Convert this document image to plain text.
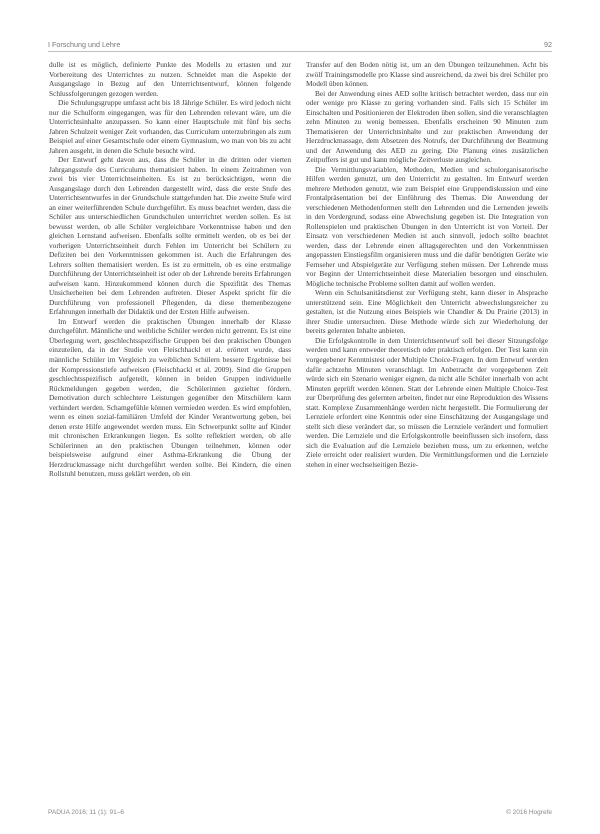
I Forschung und Lehre	92

dulle ist es möglich, definierte Punkte des Modells zu ertasten und zur Vorbereitung des Unterrichtes zu nutzen. Schneidet man die Aspekte der Ausgangslage in Bezug auf den Unterrichtsentwurf, können folgende Schlussfolgerungen gezogen werden.

Die Schulungsgruppe umfasst acht bis 18 Jährige Schüler. Es wird jedoch nicht nur die Schulform eingegangen, was für den Lehrenden relevant wäre, um die Unterrichtsinhalte anzupassen. So kann einer Hauptschule mit fünf bis sechs Jahren Schulzeit weniger Zeit vorhanden, das Curriculum unterzubringen als zum Beispiel auf einer Gesamtschule oder einem Gymnasium, wo man von bis zu acht Jahren ausgeht, in denen die Schule besucht wird.

Der Entwurf geht davon aus, dass die Schüler in die dritten oder vierten Jahrgangsstufe des Curriculums thematisiert haben. In einem Zeitrahmen von zwei bis vier Unterrichtseinheiten. Es ist zu berücksichtigen, wenn die Ausgangslage durch den Lehrenden dargestellt wird, dass die erste Stufe des Unterrichtsentwurfes in der Grundschule stattgefunden hat. Die zweite Stufe wird an einer weiterführenden Schule durchgeführt. Es muss beachtet werden, dass die Schüler aus unterschiedlichen Grundschulen unterrichtet werden sollen. Es ist bewusst werden, ob alle Schüler vergleichbare Vorkenntnisse haben und den gleichen Lernstand aufweisen. Ebenfalls sollte ermittelt werden, ob es bei der vorherigen Unterrichtseinheit durch Fehlen im Unterricht bei Schülern zu Defiziten bei den Vorkenntnissen gekommen ist. Auch die Erfahrungen des Lehrers sollten thematisiert werden. Es ist zu ermitteln, ob es eine erstmalige Durchführung der Unterrichtseinheit ist oder ob der Lehrende bereits Erfahrungen aufweisen kann. Hinzukommend können durch die Spezifität des Themas Unsicherheiten bei dem Lehrenden auftreten. Dieser Aspekt spricht für die Durchführung von professionell Pflegenden, da diese themenbezogene Erfahrungen innerhalb der Didaktik und der Ersten Hilfe aufweisen.

Im Entwurf werden die praktischen Übungen innerhalb der Klasse durchgeführt. Männliche und weibliche Schüler werden nicht getrennt. Es ist eine Überlegung wert, geschlechtsspezifische Gruppen bei den praktischen Übungen einzuteilen, da in der Studie von Fleischhackl et al. erörtert wurde, dass männliche Schüler im Vergleich zu weiblichen Schülern bessere Ergebnisse bei der Kompressionstiefe aufweisen (Fleischhackl et al. 2009). Sind die Gruppen geschlechtsspezifisch aufgeteilt, können in beiden Gruppen individuelle Rückmeldungen gegeben werden, die Schülerinnen gezielter fördern. Demotivation durch schlechtere Leistungen gegenüber den Mitschülern kann verhindert werden. Schamgefühle können vermieden werden. Es wird empfohlen, wenn es einen sozial-familiären Umfeld der Kinder Verantwortung geben, bei denen erste Hilfe angewendet werden muss. Ein Schwerpunkt sollte auf Kinder mit chronischen Erkrankungen liegen. Es sollte reflektiert werden, ob alle Schülerinnen an den praktischen Übungen teilnehmen, können oder beispielsweise aufgrund einer Asthma-Erkrankung die Übung der Herzdruckmassage nicht durchgeführt werden sollte. Bei Kindern, die einen Rollstuhl benutzen, muss geklärt werden, ob ein

Transfer auf den Boden nötig ist, um an den Übungen teilzunehmen. Acht bis zwölf Trainingsmodelle pro Klasse sind ausreichend, da zwei bis drei Schüler pro Modell üben können.

Bei der Anwendung eines AED sollte kritisch betrachtet werden, dass nur ein oder wenige pro Klasse zu gering vorhanden sind. Falls sich 15 Schüler im Einschalten und Positionieren der Elektroden üben sollen, sind die veranschlagten zehn Minuten zu wenig bemessen. Ebenfalls erscheinen 90 Minuten zum Thematisieren der Unterrichtsinhalte und zur praktischen Anwendung der Herzdruckmassage, dem Absetzen des Notrufs, der Durchführung der Beatmung und der Anwendung des AED zu gering. Die Planung eines zusätzlichen Zeitpuffers ist gut und kann mögliche Zeitverluste ausgleichen.

Die Vermittlungsvariablen, Methoden, Medien und schulorganisatorische Hilfen werden genutzt, um den Unterricht zu gestalten. Im Entwurf werden mehrere Methoden genutzt, wie zum Beispiel eine Gruppendiskussion und eine Frontalpräsentation bei der Einführung des Themas. Die Anwendung der verschiedenen Methodenformen stellt den Lehrenden und die Lernenden jeweils in den Vordergrund, sodass eine Abwechslung gegeben ist. Die Integration von Rollenspielen und praktischen Übungen in den Unterricht ist von Vorteil. Der Einsatz von verschiedenen Medien ist auch sinnvoll, jedoch sollte beachtet werden, dass der Lehrende einen alltagsgerechten und den Vorkenntnissen angepassten Einstiegsfilm organisieren muss und die dafür benötigten Geräte wie Fernseher und Abspielgeräte zur Verfügung stehen müssen. Der Lehrende muss vor Beginn der Unterrichtseinheit diese Materialien besorgen und einschulen. Mögliche technische Probleme sollten damit auf wollen werden.

Wenn ein Schulsanitätsdienst zur Verfügung steht, kann dieser in Absprache unterstützend sein. Eine Möglichkeit den Unterricht abwechslungsreicher zu gestalten, ist die Nutzung eines Beispiels wie Chandler & Du Prairie (2013) in ihrer Studie untersuchten. Diese Methode würde sich zur Wiederholung der bereits gelernten Inhalte anbieten.

Die Erfolgskontrolle in dem Unterrichtsentwurf soll bei dieser Sitzungsfolge werden und kann entweder theoretisch oder praktisch erfolgen. Der Test kann ein vorgegebener Kenntnistest oder Multiple Choice-Fragen. In dem Entwurf werden dafür achtzehn Minuten veranschlagt. Im Anbetracht der vorgegebenen Zeit würde sich ein Szenario weniger eignen, da nicht alle Schüler innerhalb von acht Minuten geprüft werden können. Statt der Lehrende einen Multiple Choice-Test zur Überprüfung des gelernten arbeiten, findet nur eine Reproduktion des Wissens statt. Komplexe Zusammenhänge werden nicht hergestellt. Die Formulierung der Lernziele erfordert eine Kenntnis oder eine Einschätzung der Ausgangslage und stellt sich diese verändert dar, so müssen die Lernziele verändert und formuliert werden. Die Lernziele und die Erfolgskontrolle beeinflussen sich insofern, dass sich die Evaluation auf die Lernziele beziehen muss, um zu erkennen, welche Ziele erreicht oder realisiert wurden. Die Vermittlungsformen und die Lernziele stehen in einer wechselseitigen Bezie-

PADUA 2016; 11 (1): 91–6	© 2016 Hogrefe
